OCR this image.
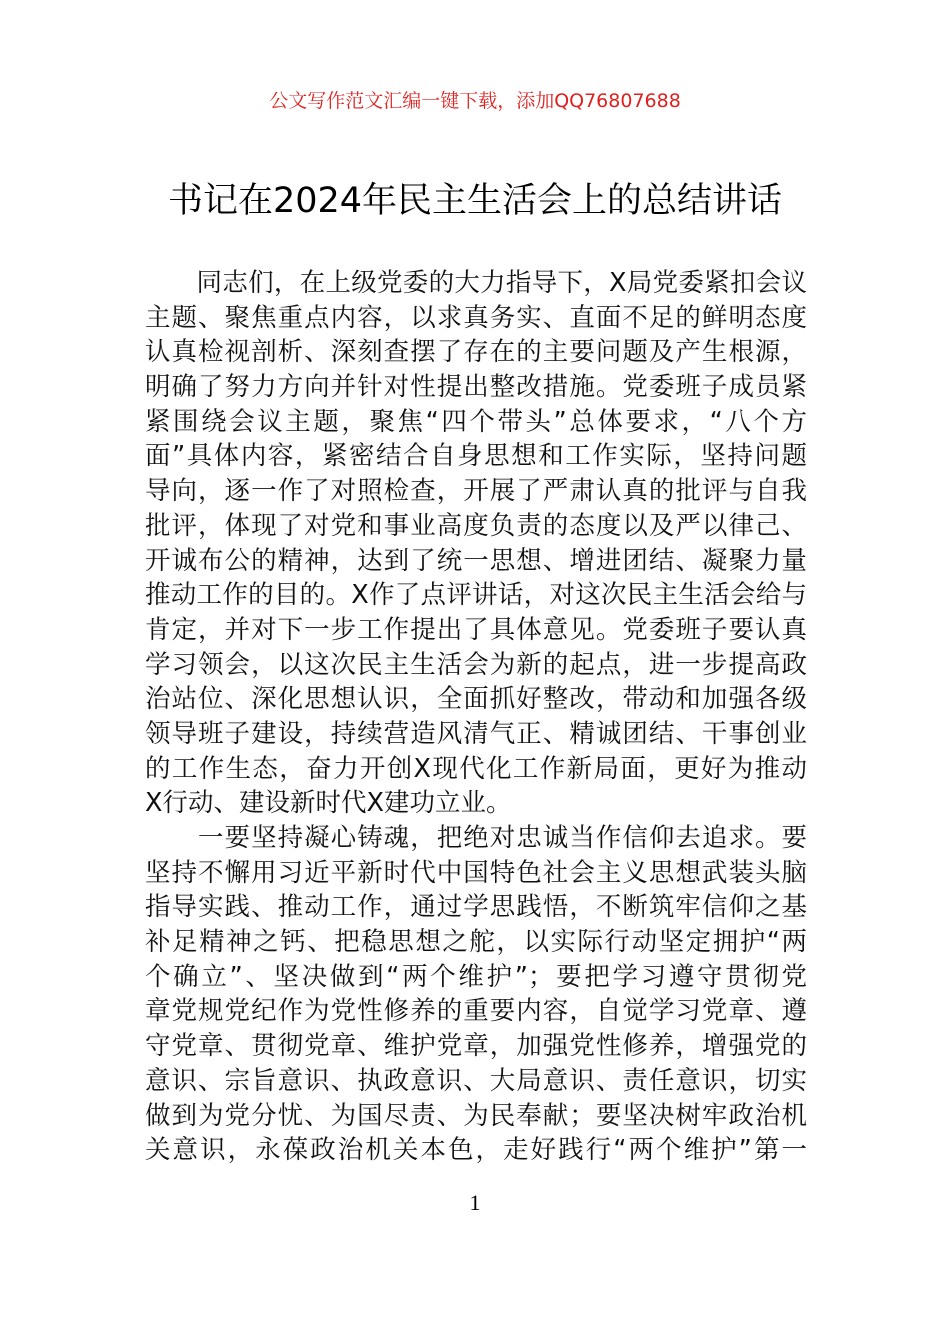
公文写作范文汇编一键下载，添加QQ76807688
书记在2024年民主生活会上的总结讲话
　　同志们，在上级党委的大力指导下，X局党委紧扣会议
主题、聚焦重点内容，以求真务实、直面不足的鲜明态度
认真检视剖析、深刻查摆了存在的主要问题及产生根源，
明确了努力方向并针对性提出整改措施。党委班子成员紧
紧围绕会议主题，聚焦“四个带头”总体要求，“八个方
面”具体内容，紧密结合自身思想和工作实际，坚持问题
导向，逐一作了对照检查，开展了严肃认真的批评与自我
批评，体现了对党和事业高度负责的态度以及严以律己、
开诚布公的精神，达到了统一思想、增进团结、凝聚力量
推动工作的目的。X作了点评讲话，对这次民主生活会给与
肯定，并对下一步工作提出了具体意见。党委班子要认真
学习领会，以这次民主生活会为新的起点，进一步提高政
治站位、深化思想认识，全面抓好整改，带动和加强各级
领导班子建设，持续营造风清气正、精诚团结、干事创业
的工作生态，奋力开创X现代化工作新局面，更好为推动
X行动、建设新时代X建功立业。
　　一要坚持凝心铸魂，把绝对忠诚当作信仰去追求。要
坚持不懈用习近平新时代中国特色社会主义思想武装头脑
指导实践、推动工作，通过学思践悟，不断筑牢信仰之基
补足精神之钙、把稳思想之舵，以实际行动坚定拥护“两
个确立”、坚决做到“两个维护”；要把学习遵守贯彻党
章党规党纪作为党性修养的重要内容，自觉学习党章、遵
守党章、贯彻党章、维护党章，加强党性修养，增强党的
意识、宗旨意识、执政意识、大局意识、责任意识，切实
做到为党分忧、为国尽责、为民奉献；要坚决树牢政治机
关意识，永葆政治机关本色，走好践行“两个维护”第一
1
